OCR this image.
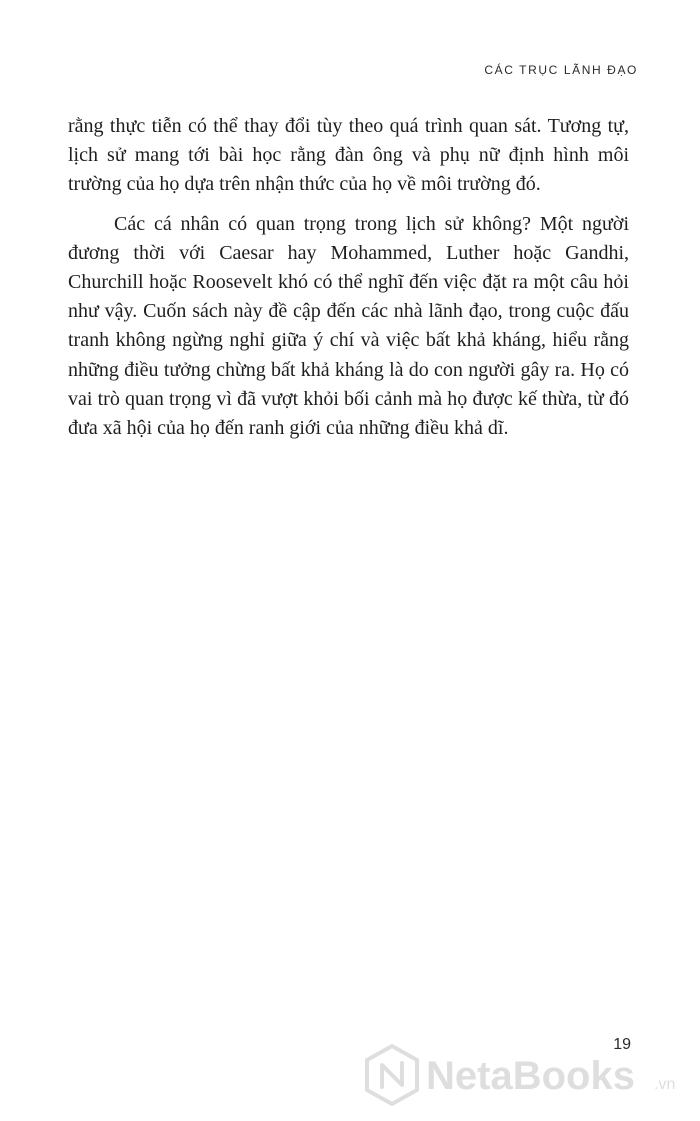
CÁC TRỤC LÃNH ĐẠO

rằng thực tiễn có thể thay đổi tùy theo quá trình quan sát. Tương tự, lịch sử mang tới bài học rằng đàn ông và phụ nữ định hình môi trường của họ dựa trên nhận thức của họ về môi trường đó.

Các cá nhân có quan trọng trong lịch sử không? Một người đương thời với Caesar hay Mohammed, Luther hoặc Gandhi, Churchill hoặc Roosevelt khó có thể nghĩ đến việc đặt ra một câu hỏi như vậy. Cuốn sách này đề cập đến các nhà lãnh đạo, trong cuộc đấu tranh không ngừng nghỉ giữa ý chí và việc bất khả kháng, hiểu rằng những điều tưởng chừng bất khả kháng là do con người gây ra. Họ có vai trò quan trọng vì đã vượt khỏi bối cảnh mà họ được kế thừa, từ đó đưa xã hội của họ đến ranh giới của những điều khả dĩ.

19
NetaBooks .vn
